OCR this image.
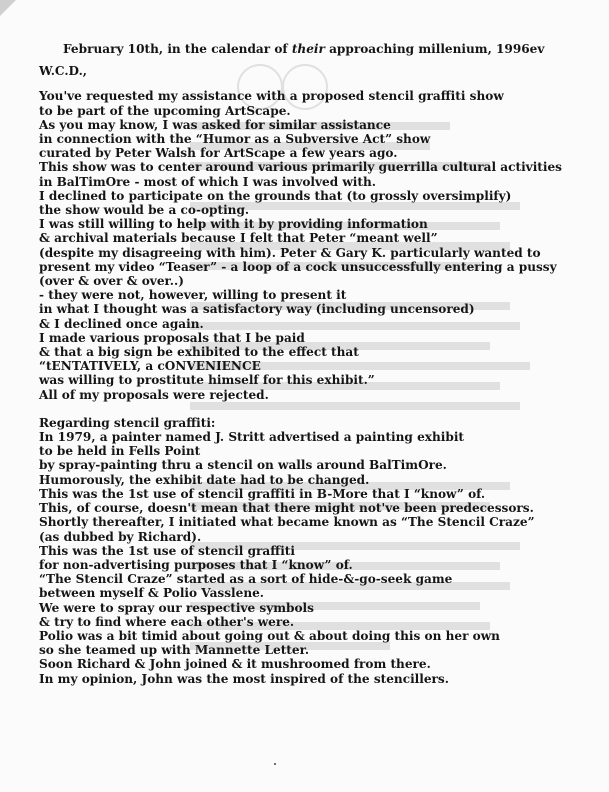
February 10th, in the calendar of their approaching millenium, 1996ev
W.C.D.,
You've requested my assistance with a proposed stencil graffiti show
to be part of the upcoming ArtScape.
As you may know, I was asked for similar assistance
in connection with the “Humor as a Subversive Act” show
curated by Peter Walsh for ArtScape a few years ago.
This show was to center around various primarily guerrilla cultural activities
in BalTimOre - most of which I was involved with.
I declined to participate on the grounds that (to grossly oversimplify)
the show would be a co-opting.
I was still willing to help with it by providing information
& archival materials because I felt that Peter “meant well”
(despite my disagreeing with him). Peter & Gary K. particularly wanted to
present my video “Teaser” - a loop of a cock unsuccessfully entering a pussy
(over & over & over..)
- they were not, however, willing to present it
in what I thought was a satisfactory way (including uncensored)
& I declined once again.
I made various proposals that I be paid
& that a big sign be exhibited to the effect that
“tENTATIVELY, a cONVENIENCE
was willing to prostitute himself for this exhibit.”
All of my proposals were rejected.
Regarding stencil graffiti:
In 1979, a painter named J. Stritt advertised a painting exhibit
to be held in Fells Point
by spray-painting thru a stencil on walls around BalTimOre.
Humorously, the exhibit date had to be changed.
This was the 1st use of stencil graffiti in B-More that I “know” of.
This, of course, doesn't mean that there might not've been predecessors.
Shortly thereafter, I initiated what became known as “The Stencil Craze”
(as dubbed by Richard).
This was the 1st use of stencil graffiti
for non-advertising purposes that I “know” of.
“The Stencil Craze” started as a sort of hide-&-go-seek game
between myself & Polio Vasslene.
We were to spray our respective symbols
& try to find where each other's were.
Polio was a bit timid about going out & about doing this on her own
so she teamed up with Mannette Letter.
Soon Richard & John joined & it mushroomed from there.
In my opinion, John was the most inspired of the stencillers.
